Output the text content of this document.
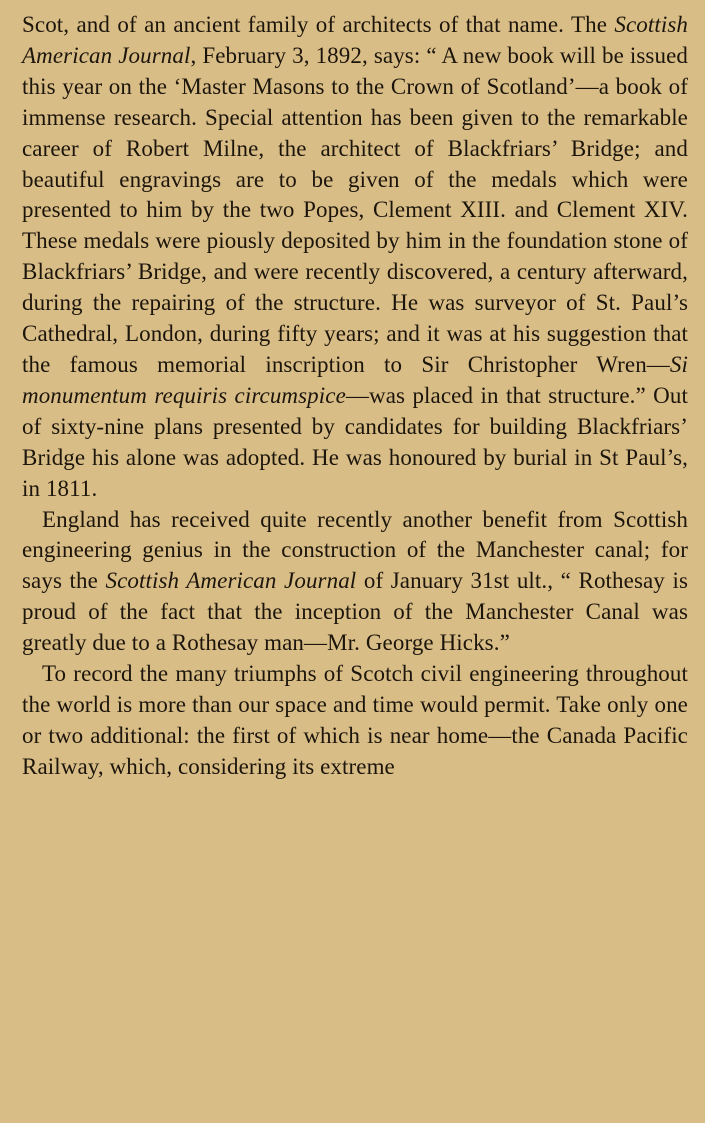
Scot, and of an ancient family of architects of that name. The Scottish American Journal, February 3, 1892, says: “ A new book will be issued this year on the ‘Master Masons to the Crown of Scotland’—a book of immense research. Special attention has been given to the remarkable career of Robert Milne, the architect of Blackfriars’ Bridge; and beautiful engravings are to be given of the medals which were presented to him by the two Popes, Clement XIII. and Clement XIV. These medals were piously deposited by him in the foundation stone of Blackfriars’ Bridge, and were recently discovered, a century afterward, during the repairing of the structure. He was surveyor of St. Paul’s Cathedral, London, during fifty years; and it was at his suggestion that the famous memorial inscription to Sir Christopher Wren—Si monumentum requiris circumspice—was placed in that structure.” Out of sixty-nine plans presented by candidates for building Blackfriars’ Bridge his alone was adopted. He was honoured by burial in St Paul’s, in 1811.

England has received quite recently another benefit from Scottish engineering genius in the construction of the Manchester canal; for says the Scottish American Journal of January 31st ult., “ Rothesay is proud of the fact that the inception of the Manchester Canal was greatly due to a Rothesay man—Mr. George Hicks.”

To record the many triumphs of Scotch civil engineering throughout the world is more than our space and time would permit. Take only one or two additional: the first of which is near home—the Canada Pacific Railway, which, considering its extreme
